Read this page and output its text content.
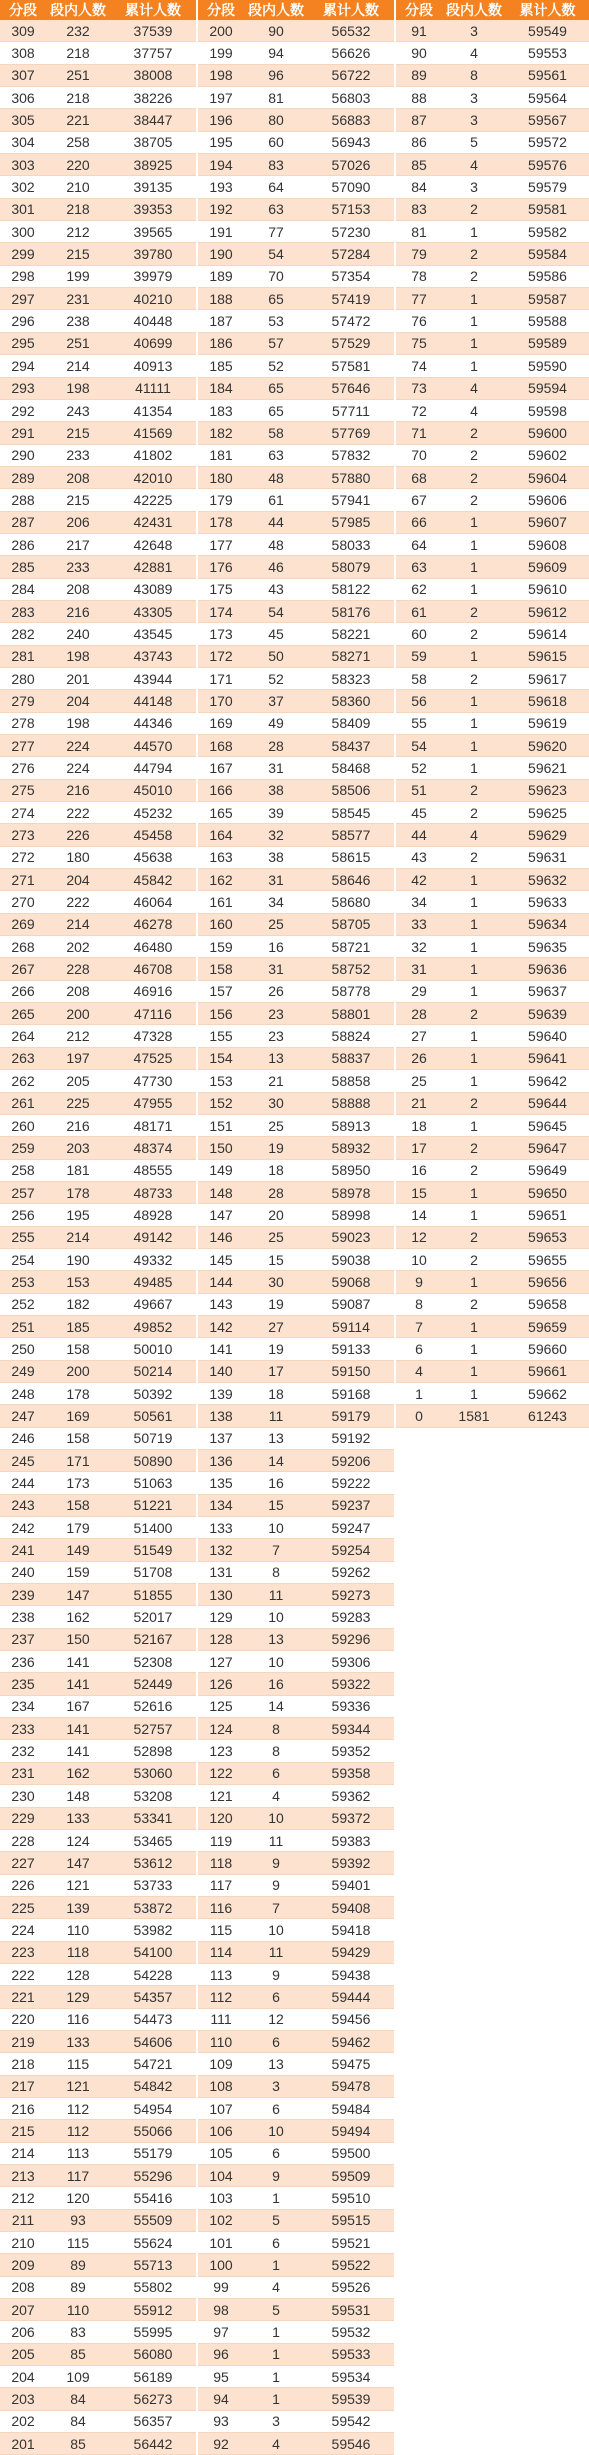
分段	段内人数	累计人数
309	232	37539
308	218	37757
307	251	38008
306	218	38226
305	221	38447
304	258	38705
303	220	38925
302	210	39135
301	218	39353
300	212	39565
299	215	39780
298	199	39979
297	231	40210
296	238	40448
295	251	40699
294	214	40913
293	198	41111
292	243	41354
291	215	41569
290	233	41802
289	208	42010
288	215	42225
287	206	42431
286	217	42648
285	233	42881
284	208	43089
283	216	43305
282	240	43545
281	198	43743
280	201	43944
279	204	44148
278	198	44346
277	224	44570
276	224	44794
275	216	45010
274	222	45232
273	226	45458
272	180	45638
271	204	45842
270	222	46064
269	214	46278
268	202	46480
267	228	46708
266	208	46916
265	200	47116
264	212	47328
263	197	47525
262	205	47730
261	225	47955
260	216	48171
259	203	48374
258	181	48555
257	178	48733
256	195	48928
255	214	49142
254	190	49332
253	153	49485
252	182	49667
251	185	49852
250	158	50010
249	200	50214
248	178	50392
247	169	50561
246	158	50719
245	171	50890
244	173	51063
243	158	51221
242	179	51400
241	149	51549
240	159	51708
239	147	51855
238	162	52017
237	150	52167
236	141	52308
235	141	52449
234	167	52616
233	141	52757
232	141	52898
231	162	53060
230	148	53208
229	133	53341
228	124	53465
227	147	53612
226	121	53733
225	139	53872
224	110	53982
223	118	54100
222	128	54228
221	129	54357
220	116	54473
219	133	54606
218	115	54721
217	121	54842
216	112	54954
215	112	55066
214	113	55179
213	117	55296
212	120	55416
211	93	55509
210	115	55624
209	89	55713
208	89	55802
207	110	55912
206	83	55995
205	85	56080
204	109	56189
203	84	56273
202	84	56357
201	85	56442
分段	段内人数	累计人数
200	90	56532
199	94	56626
198	96	56722
197	81	56803
196	80	56883
195	60	56943
194	83	57026
193	64	57090
192	63	57153
191	77	57230
190	54	57284
189	70	57354
188	65	57419
187	53	57472
186	57	57529
185	52	57581
184	65	57646
183	65	57711
182	58	57769
181	63	57832
180	48	57880
179	61	57941
178	44	57985
177	48	58033
176	46	58079
175	43	58122
174	54	58176
173	45	58221
172	50	58271
171	52	58323
170	37	58360
169	49	58409
168	28	58437
167	31	58468
166	38	58506
165	39	58545
164	32	58577
163	38	58615
162	31	58646
161	34	58680
160	25	58705
159	16	58721
158	31	58752
157	26	58778
156	23	58801
155	23	58824
154	13	58837
153	21	58858
152	30	58888
151	25	58913
150	19	58932
149	18	58950
148	28	58978
147	20	58998
146	25	59023
145	15	59038
144	30	59068
143	19	59087
142	27	59114
141	19	59133
140	17	59150
139	18	59168
138	11	59179
137	13	59192
136	14	59206
135	16	59222
134	15	59237
133	10	59247
132	7	59254
131	8	59262
130	11	59273
129	10	59283
128	13	59296
127	10	59306
126	16	59322
125	14	59336
124	8	59344
123	8	59352
122	6	59358
121	4	59362
120	10	59372
119	11	59383
118	9	59392
117	9	59401
116	7	59408
115	10	59418
114	11	59429
113	9	59438
112	6	59444
111	12	59456
110	6	59462
109	13	59475
108	3	59478
107	6	59484
106	10	59494
105	6	59500
104	9	59509
103	1	59510
102	5	59515
101	6	59521
100	1	59522
99	4	59526
98	5	59531
97	1	59532
96	1	59533
95	1	59534
94	1	59539
93	3	59542
92	4	59546
分段	段内人数	累计人数
91	3	59549
90	4	59553
89	8	59561
88	3	59564
87	3	59567
86	5	59572
85	4	59576
84	3	59579
83	2	59581
81	1	59582
79	2	59584
78	2	59586
77	1	59587
76	1	59588
75	1	59589
74	1	59590
73	4	59594
72	4	59598
71	2	59600
70	2	59602
68	2	59604
67	2	59606
66	1	59607
64	1	59608
63	1	59609
62	1	59610
61	2	59612
60	2	59614
59	1	59615
58	2	59617
56	1	59618
55	1	59619
54	1	59620
52	1	59621
51	2	59623
45	2	59625
44	4	59629
43	2	59631
42	1	59632
34	1	59633
33	1	59634
32	1	59635
31	1	59636
29	1	59637
28	2	59639
27	1	59640
26	1	59641
25	1	59642
21	2	59644
18	1	59645
17	2	59647
16	2	59649
15	1	59650
14	1	59651
12	2	59653
10	2	59655
9	1	59656
8	2	59658
7	1	59659
6	1	59660
4	1	59661
1	1	59662
0	1581	61243
